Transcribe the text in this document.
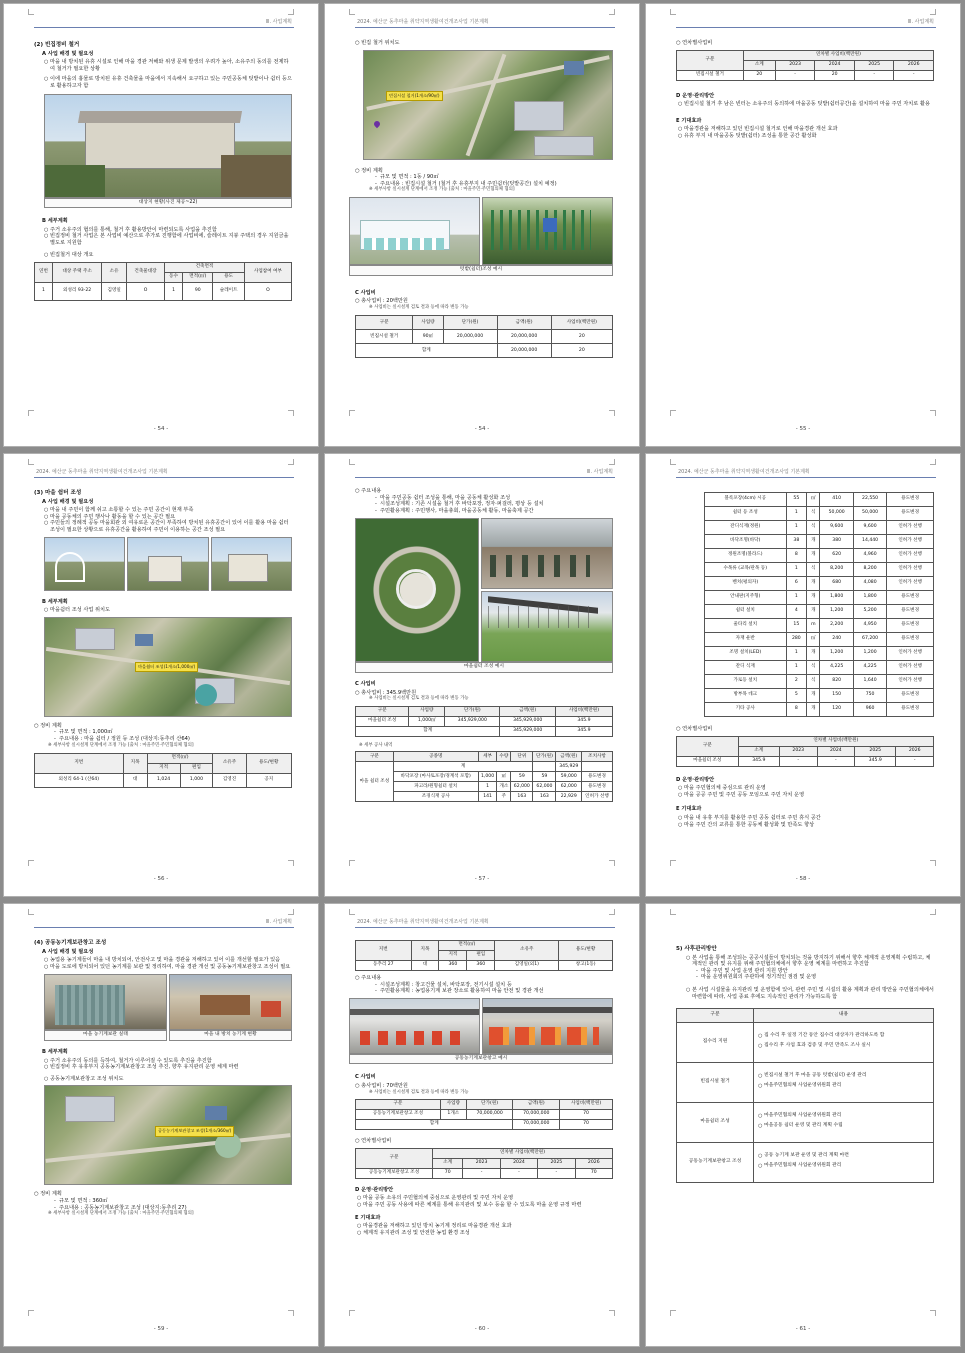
Ⅲ. 사업계획
(2) 빈집정비 철거
A 사업 배경 및 필요성
○ 마을 내 방치된 유휴 시설로 인해 마을 경관 저해와 위생 문제 발생의 우려가 높아, 소유주의 동의를 전제하여 철거가 필요한 상황
○ 이에 마을의 흉물로 방치된 유휴 건축물을 마을에서 지속해서 요구하고 있는 주민공동체 텃밭이나 쉼터 등으로 활용하고자 함
대상지 현황(사진 제공~22)
B 세부계획
○ 주거 소유주의 협의를 통해, 철거 후 활용방안이 마련되도록 사업을 추진함
○ 빈집정비 철거 사업은 본 사업비 예산으로 추가로 진행함에 사업비에, 슬레이트 지붕 주택의 경우 지원금을 별도로 지원함
○ 빈집철거 대상 개요
연번	대상 주택 주소	소유	건축물대장	건축면적			사업참여 여부
				동수	면적(㎡)	용도	
1	외성리 93-22	김영일	O	1	90	슬레이트	O
- 54 -
2024. 예산군 동추마을 취약지역생활여건개조사업 기본계획
○ 빈집 철거 위치도
빈집시설 철거(1개소/90㎡)
○ 정비 계획
- 규모 및 면적 : 1동 / 90㎡
- 주요내용 : 빈집시설 철거 (철거 후 유휴부지 내 주민쉼터(텃밭공간) 설치 예정)
※ 세부사항 실시설계 단계에서 조정 가능 [출처 : 마을주민·주민협의체 협의]
텃밭(쉼터)조성 예시
C 사업비
○ 총사업비 : 20백만원
※ 사업비는 실시설계 검토 결과 등에 따라 변동 가능
구분	사업량	단가(원)	금액(원)	사업비(백만원)
빈집시설 철거	90㎡	20,000,000	20,000,000	20
합계			20,000,000	20
- 54 -
Ⅲ. 사업계획
○ 연차별사업비
구분	연차별 사업비(백만원)				
	소계	2023	2024	2025	2026
빈집시설 철거	20	-	20	-	-
D 운영·관리방안
○ 빈집시설 철거 후 남은 빈터는 소유주의 동의하에 마을공동 텃밭(쉼터공간)을 설치하여 마을 주민 자치로 활용
E 기대효과
○ 마을경관을 저해하고 있던 빈집시설 철거로 인해 마을경관 개선 효과
○ 유휴 부지 내 마을공동 텃밭(쉼터) 조성을 통한 공간 활성화
- 55 -
2024. 예산군 동추마을 취약지역생활여건개조사업 기본계획
(3) 마을 쉼터 조성
A 사업 배경 및 필요성
○ 마을 내 주민이 함께 쉬고 소통할 수 있는 주민 공간이 현재 부족
○ 마을 공동체의 주민 행사나 활동을 할 수 있는 공간 필요
○ 주민들의 정례적 공동 마을회관 외 여유로운 공간이 부족하여 방치된 유휴공간이 있어 이를 활용 마을 쉼터 조성이 필요한 상황으로 유휴공간을 활용하여 주민이 이용하는 공간 조성 필요
B 세부계획
○ 마을쉼터 조성 사업 위치도
마을쉼터 조성(1개소/1,000㎡)
○ 정비 계획
- 규모 및 면적 : 1,000㎡
- 주요내용 : 마을 쉼터 / 정원 등 조성 (대상지:동추리 산64)
※ 세부사항 실시설계 단계에서 조정 가능 [출처 : 마을주민·주민협의체 협의]
지번	지목	면적(㎡)		소유주	용도/현황
		지적	편입		
외성리 64-1 (산64)	대	1,024	1,000	김영진	공지
- 56 -
Ⅲ. 사업계획
○ 주요내용
- 마을 주민공동 쉼터 조성을 통해, 마을 공동체 활성화 조성
- 시설조성계획 : 기존 시설을 철거 후 바닥포장, 정자·퍼걸러, 평상 등 설치
- 주민활용계획 : 주민행사, 마을총회, 마을공동체 활동, 마을축제 공간
마을쉼터 조성 예시
C 사업비
○ 총사업비 : 345.9백만원
※ 사업비는 실시설계 검토 결과 등에 따라 변동 가능
구분	사업량	단가(원)	금액(원)	사업비(백만원)
마을쉼터 조성	1,000㎡	345,929,000	345,929,000	345.9
합계			345,929,000	345.9
※ 세부 공사 내역
구분	공종명	세부	수량	단위	단가(원)	금액(원)	조치사항
마을 쉼터 조성	계					345,929	
	바닥포장 (마사토포장/경계석 포함)	1,000	㎡	59	59	59,000	용도변경
	파고라/원형쉼터 설치	1	개소	62,000	62,000	62,000	용도변경
	조경식재 공사	141	주	163	163	22,929	인허가 선행
- 57 -
2024. 예산군 동추마을 취약지역생활여건개조사업 기본계획
블록포장(4cm) 시공	55	㎡	410	22,550	용도변경
쉼터 등 조성	1	식	50,000	50,000	용도변경
잔디식재(정원)	1	식	9,600	9,600	인허가 선행
바닥조명(바닥)	38	개	380	14,440	인허가 선행
정원조명(볼라드)	8	개	620	4,960	인허가 선행
수목류 (교목/관목 등)	1	식	8,200	8,200	인허가 선행
벤치(평의자)	6	개	680	4,080	인허가 선행
안내판(지주형)	1	개	1,800	1,800	용도변경
쉼터 설치	4	개	1,200	5,200	용도변경
울타리 설치	15	m	2,200	4,950	용도변경
자재 운반	280	㎥	240	67,200	용도변경
조명 설치(LED)	1	개	1,200	1,200	인허가 선행
잔디 식재	1	식	4,225	4,225	인허가 선행
가로등 설치	2	식	820	1,640	인허가 선행
방부목 데크	5	개	150	750	용도변경
기타 공사	8	개	120	960	용도변경
○ 연차별사업비
구분	연차별 사업비(백만원)				
	소계	2023	2024	2025	2026
마을쉼터 조성	345.9	-	-	345.9	-
D 운영·관리방안
○ 마을 주민협의체 중심으로 관리 운영
○ 마을 공공 주민 및 주민 공동 모임으로 주민 자치 운영
E 기대효과
○ 마을 내 유휴 부지를 활용한 주민 공동 쉼터로 주민 휴식 공간
○ 마을 주민 간의 교류를 통한 공동체 활성화 및 만족도 향상
- 58 -
Ⅲ. 사업계획
(4) 공동농기계보관창고 조성
A 사업 배경 및 필요성
○ 농업용 농기계들이 마을 내 방치되어, 안전사고 및 마을 경관을 저해하고 있어 이를 개선할 필요가 있음
○ 마을 도로에 방치되어 있던 농기계를 보관 및 정리하여, 마을 경관 개선 및 공동농기계보관창고 조성이 필요
마을 농기계보관 실태	마을 내 방치 농기계 현황
B 세부계획
○ 주거 소유주의 동의를 득하여, 철거가 이루어질 수 있도록 추진을 추진함
○ 빈집정비 후 유휴부지 공동농기계보관창고 조성 추진, 향후 유지관리 운영 체계 마련
○ 공동농기계보관창고 조성 위치도
공동농기계보관창고 조성(1개소/360㎡)
○ 정비 계획
- 규모 및 면적 : 360㎡
- 주요내용 : 공동농기계보관창고 조성 (대상지:동추리 27)
※ 세부사항 실시설계 단계에서 조정 가능 [출처 : 마을주민·주민협의체 협의]
- 59 -
2024. 예산군 동추마을 취약지역생활여건개조사업 기본계획
지번	지목	면적(㎡)		소유주	용도/현황
		지적	편입		
동추리 27	대	360	360	김영일(외1)	창고(1동)
○ 주요내용
- 시설조성계획 : 창고건물 설치, 바닥포장, 전기시설 설치 등
- 주민활용계획 : 농업용기계 보관 장소로 활용하여 마을 안전 및 경관 개선
공동농기계보관창고 예시
C 사업비
○ 총사업비 : 70백만원
※ 사업비는 실시설계 검토 결과 등에 따라 변동 가능
구분	사업량	단가(원)	금액(원)	사업비(백만원)
공동농기계보관창고 조성	1개소	70,000,000	70,000,000	70
합계			70,000,000	70
○ 연차별사업비
구분	연차별 사업비(백만원)				
	소계	2023	2024	2025	2026
공동농기계보관창고 조성	70	-	-	-	70
D 운영·관리방안
○ 마을 공동 소유의 주민협의체 중심으로 운영관리 및 주민 자치 운영
○ 마을 주민 공동 사용에 따른 체계를 통해 유지관리 및 보수 등을 할 수 있도록 마을 운영 규정 마련
E 기대효과
○ 마을경관을 저해하고 있던 방치 농기계 정리로 마을경관 개선 효과
○ 체계적 유지관리 조성 및 안전한 농업 환경 조성
- 60 -
5) 사후관리방안
○ 본 사업을 통해 조성되는 공공시설들이 방치되는 것을 방지하기 위해서 향후 체계적 운영계획 수립하고, 체계적인 관리 및 유지를 위해 주민협의체에서 향후 운영 체계를 마련하고 추진함
- 마을 주민 및 사업 운영 관리 지원 방안
- 마을 운영위원회의 주관하에 정기적인 점검 및 운영
○ 본 사업 시설물을 유지관리 및 운영함에 있어, 관련 주민 및 시설의 활용 계획과 관리 방안을 주민협의체에서 마련함에 따라, 사업 종료 후에도 지속적인 관리가 가능하도록 함
구분	내용
집수리 지원	○ 집 수리 후 일정 기간 동안 집수리 대상자가 관리하도록 함
○ 집수리 후 사업 효과 검증 및 주민 만족도 조사 실시

빈집시설 철거	○ 빈집시설 철거 후 마을 공동 텃밭(쉼터) 운영 관리
○ 마을주민협의체 사업운영위원회 관리

마을쉼터 조성	○ 마을주민협의체 사업운영위원회 관리
○ 마을공동 쉼터 운영 및 관리 계획 수립

공동농기계보관창고 조성	○ 공동 농기계 보관 운영 및 관리 계획 마련
○ 마을주민협의체 사업운영위원회 관리
- 61 -
